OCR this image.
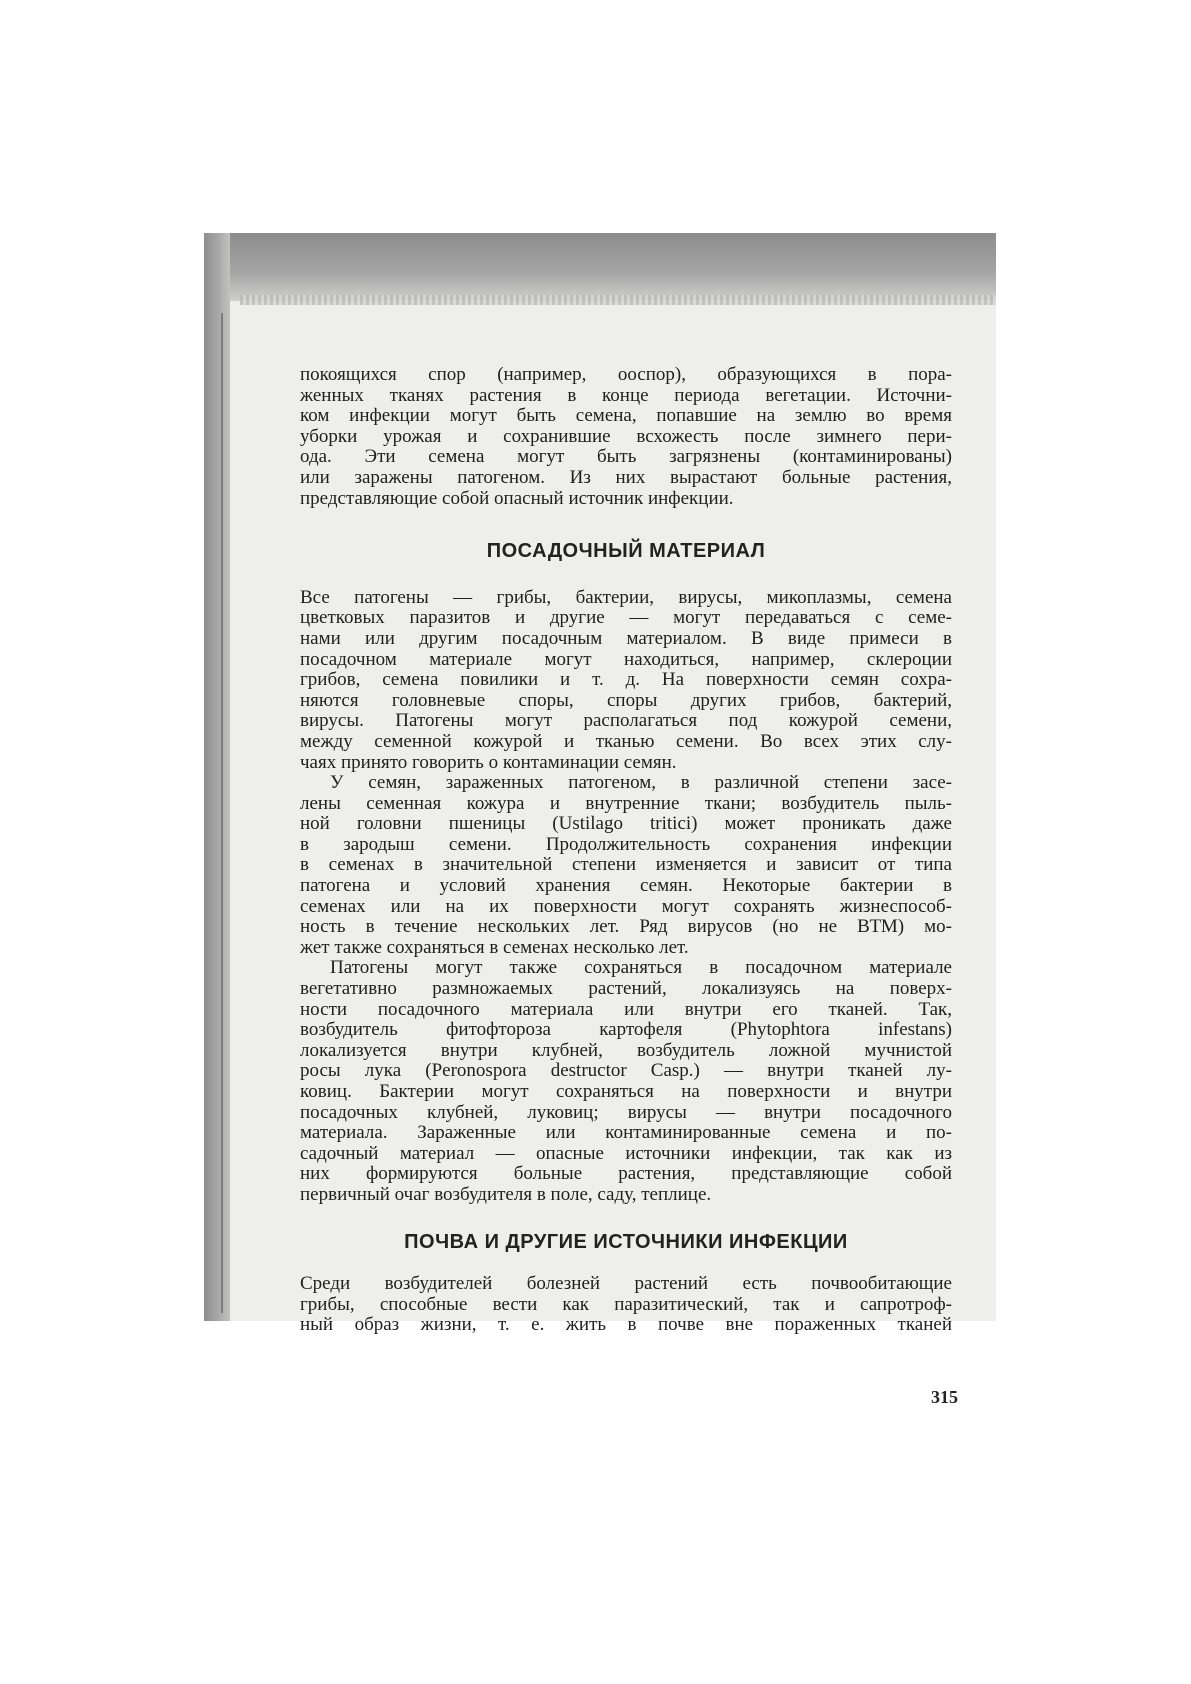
покоящихся спор (например, ооспор), образующихся в пора-
женных тканях растения в конце периода вегетации. Источни-
ком инфекции могут быть семена, попавшие на землю во время
уборки урожая и сохранившие всхожесть после зимнего пери-
ода. Эти семена могут быть загрязнены (контаминированы)
или заражены патогеном. Из них вырастают больные растения,
представляющие собой опасный источник инфекции.

ПОСАДОЧНЫЙ МАТЕРИАЛ

Все патогены — грибы, бактерии, вирусы, микоплазмы, семена
цветковых паразитов и другие — могут передаваться с семе-
нами или другим посадочным материалом. В виде примеси в
посадочном материале могут находиться, например, склероции
грибов, семена повилики и т. д. На поверхности семян сохра-
няются головневые споры, споры других грибов, бактерий,
вирусы. Патогены могут располагаться под кожурой семени,
между семенной кожурой и тканью семени. Во всех этих слу-
чаях принято говорить о контаминации семян.

У семян, зараженных патогеном, в различной степени засе-
лены семенная кожура и внутренние ткани; возбудитель пыль-
ной головни пшеницы (Ustilago tritici) может проникать даже
в зародыш семени. Продолжительность сохранения инфекции
в семенах в значительной степени изменяется и зависит от типа
патогена и условий хранения семян. Некоторые бактерии в
семенах или на их поверхности могут сохранять жизнеспособ-
ность в течение нескольких лет. Ряд вирусов (но не ВТМ) мо-
жет также сохраняться в семенах несколько лет.

Патогены могут также сохраняться в посадочном материале
вегетативно размножаемых растений, локализуясь на поверх-
ности посадочного материала или внутри его тканей. Так,
возбудитель фитофтороза картофеля (Phytophtora infestans)
локализуется внутри клубней, возбудитель ложной мучнистой
росы лука (Peronospora destructor Casp.) — внутри тканей лу-
ковиц. Бактерии могут сохраняться на поверхности и внутри
посадочных клубней, луковиц; вирусы — внутри посадочного
материала. Зараженные или контаминированные семена и по-
садочный материал — опасные источники инфекции, так как из
них формируются больные растения, представляющие собой
первичный очаг возбудителя в поле, саду, теплице.

ПОЧВА И ДРУГИЕ ИСТОЧНИКИ ИНФЕКЦИИ

Среди возбудителей болезней растений есть почвообитающие
грибы, способные вести как паразитический, так и сапротроф-
ный образ жизни, т. е. жить в почве вне пораженных тканей

315
